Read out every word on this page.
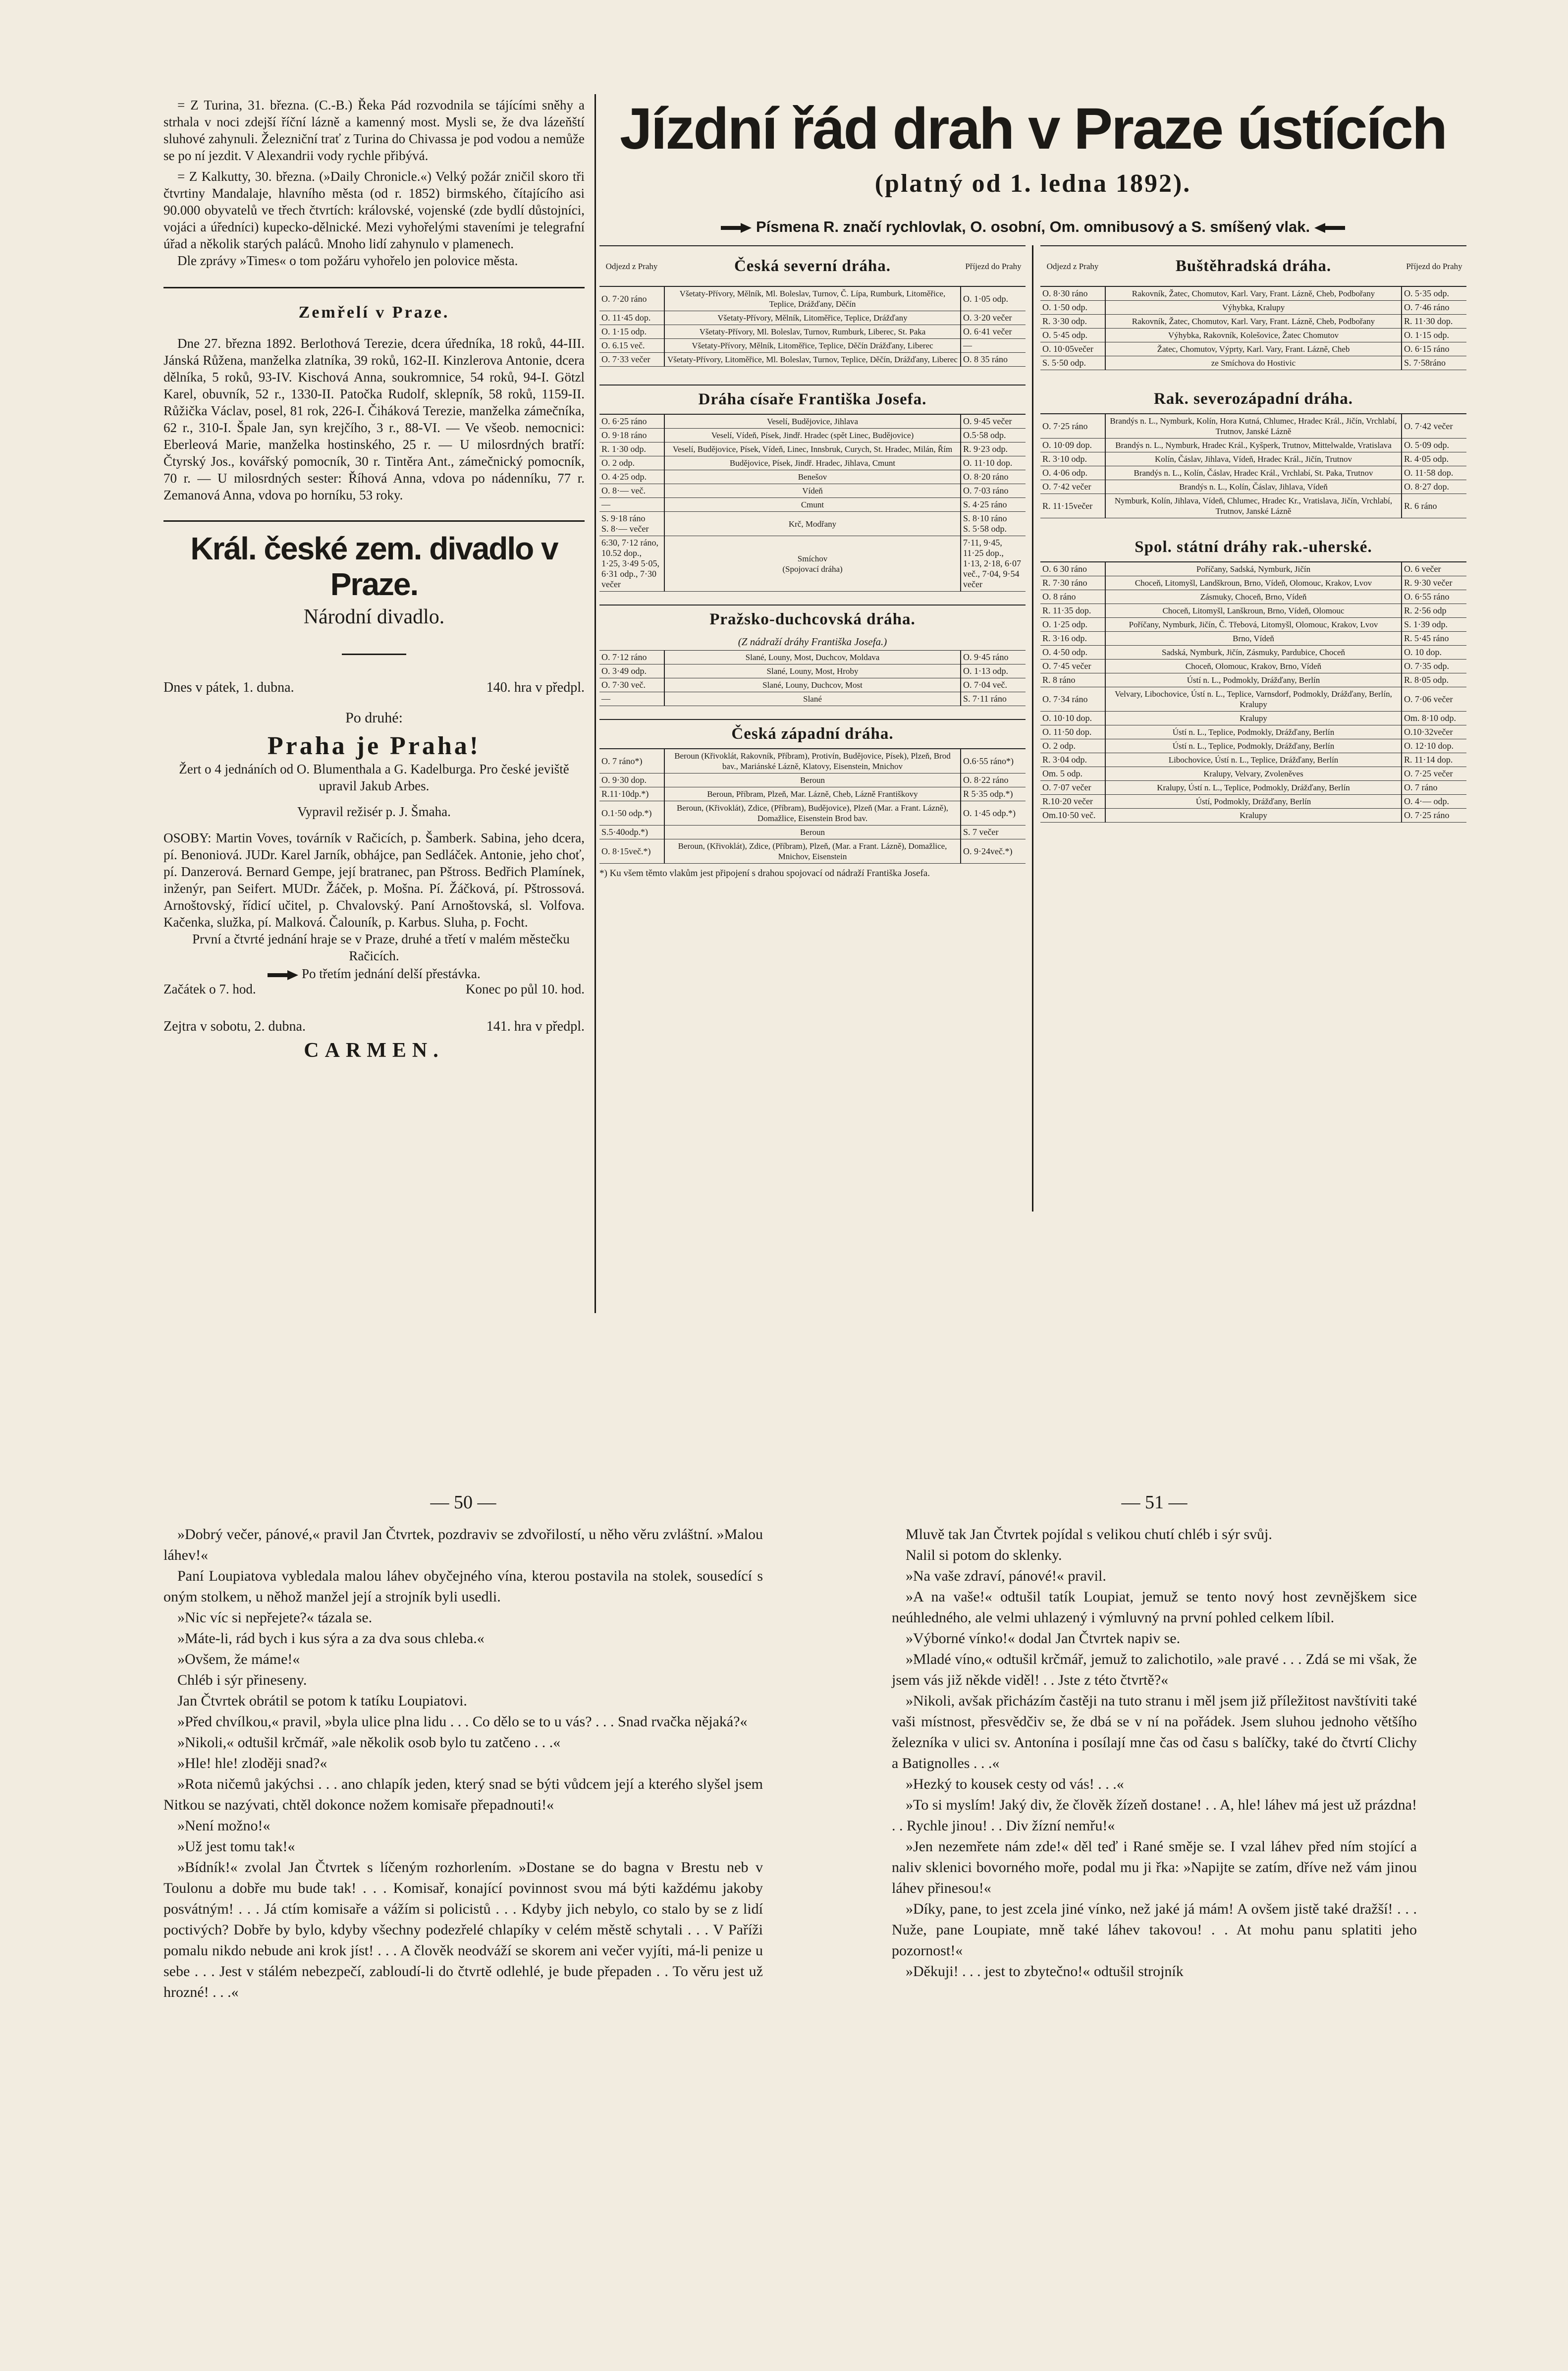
= Z Turina, 31. března. (C.-B.) Řeka Pád rozvodnila se tájícími sněhy a strhala v noci zdejší říční lázně a kamenný most. Mysli se, že dva lázeňští sluhové zahynuli. Železniční trať z Turina do Chivassa je pod vodou a nemůže se po ní jezdit. V Alexandrii vody rychle přibývá.

= Z Kalkutty, 30. března. (»Daily Chronicle.«) Velký požár zničil skoro tři čtvrtiny Mandalaje, hlavního města (od r. 1852) birmského, čítajícího asi 90.000 obyvatelů ve třech čtvrtích: královské, vojenské (zde bydlí důstojníci, vojáci a úředníci) kupecko-dělnické. Mezi vyhořelými staveními je telegrafní úřad a několik starých paláců. Mnoho lidí zahynulo v plamenech.

Dle zprávy »Times« o tom požáru vyhořelo jen polovice města.

Zemřelí v Praze.

Dne 27. března 1892. Berlothová Terezie, dcera úředníka, 18 roků, 44-III. Jánská Růžena, manželka zlatníka, 39 roků, 162-II. Kinzlerova Antonie, dcera dělníka, 5 roků, 93-IV. Kischová Anna, soukromnice, 54 roků, 94-I. Götzl Karel, obuvník, 52 r., 1330-II. Patočka Rudolf, sklepník, 58 roků, 1159-II. Růžička Václav, posel, 81 rok, 226-I. Čiháková Terezie, manželka zámečníka, 62 r., 310-I. Špale Jan, syn krejčího, 3 r., 88-VI. — Ve všeob. nemocnici: Eberleová Marie, manželka hostinského, 25 r. — U milosrdných bratří: Čtyrský Jos., kovářský pomocník, 30 r. Tintěra Ant., zámečnický pomocník, 70 r. — U milosrdných sester: Říhová Anna, vdova po nádenníku, 77 r. Zemanová Anna, vdova po horníku, 53 roky.

Král. české zem. divadlo v Praze.

Národní divadlo.

Dnes v pátek, 1. dubna.	140. hra v předpl.

Po druhé:

Praha je Praha!

Žert o 4 jednáních od O. Blumenthala a G. Kadelburga. Pro české jeviště upravil Jakub Arbes.

Vypravil režisér p. J. Šmaha.

OSOBY: Martin Voves, továrník v Račicích, p. Šamberk. Sabina, jeho dcera, pí. Benoniová. JUDr. Karel Jarník, obhájce, pan Sedláček. Antonie, jeho choť, pí. Danzerová. Bernard Gempe, její bratranec, pan Pštross. Bedřich Plamínek, inženýr, pan Seifert. MUDr. Žáček, p. Mošna. Pí. Žáčková, pí. Pštrossová. Arnoštovský, řídicí učitel, p. Chvalovský. Paní Arnoštovská, sl. Volfova. Kačenka, služka, pí. Malková. Čalouník, p. Karbus. Sluha, p. Focht.

První a čtvrté jednání hraje se v Praze, druhé a třetí v malém městečku Račicích.

Po třetím jednání delší přestávka.

Začátek o 7. hod.	Konec po půl 10. hod.
Zejtra v sobotu, 2. dubna.	141. hra v předpl.

CARMEN.

Jízdní řád drah v Praze ústících

(platný od 1. ledna 1892).

Písmena R. značí rychlovlak, O. osobní, Om. omnibusový a S. smíšený vlak.
Odjezd z Prahy	Česká severní dráha.	Příjezd do Prahy
O. 7·20 ráno	Všetaty-Přívory, Mělník, Ml. Boleslav, Turnov, Č. Lípa, Rumburk, Litoměřice, Teplice, Drážďany, Děčín	O. 1·05 odp.
O. 11·45 dop.	Všetaty-Přívory, Mělník, Litoměřice, Teplice, Drážďany	O. 3·20 večer
O. 1·15 odp.	Všetaty-Přívory, Ml. Boleslav, Turnov, Rumburk, Liberec, St. Paka	O. 6·41 večer
O. 6.15 več.	Všetaty-Přívory, Mělník, Litoměřice, Teplice, Děčín Drážďany, Liberec	—
O. 7·33 večer	Všetaty-Přívory, Litoměřice, Ml. Boleslav, Turnov, Teplice, Děčín, Drážďany, Liberec	O. 8 35 ráno
Dráha císaře Františka Josefa.
O. 6·25 ráno	Veselí, Budějovice, Jihlava	O. 9·45 večer
O. 9·18 ráno	Veselí, Vídeň, Písek, Jindř. Hradec (spět Linec, Budějovice)	O.5·58 odp.
R. 1·30 odp.	Veselí, Budějovice, Písek, Vídeň, Linec, Innsbruk, Curych, St. Hradec, Milán, Řím	R. 9·23 odp.
O. 2 odp.	Budějovice, Písek, Jindř. Hradec, Jihlava, Cmunt	O. 11·10 dop.
O. 4·25 odp.	Benešov	O. 8·20 ráno
O. 8·— več.	Vídeň	O. 7·03 ráno
—	Cmunt	S. 4·25 ráno
S. 9·18 ráno
S. 8·— večer	Krč, Modřany	S. 8·10 ráno
S. 5·58 odp.
6:30, 7·12 ráno, 10.52 dop., 1·25, 3·49 5·05, 6·31 odp., 7·30 večer	Smíchov
(Spojovací dráha)	7·11, 9·45, 11·25 dop., 1·13, 2·18, 6·07 več., 7·04, 9·54 večer
Pražsko-duchcovská dráha.
(Z nádraží dráhy Františka Josefa.)
O. 7·12 ráno	Slané, Louny, Most, Duchcov, Moldava	O. 9·45 ráno
O. 3·49 odp.	Slané, Louny, Most, Hroby	O. 1·13 odp.
O. 7·30 več.	Slané, Louny, Duchcov, Most	O. 7·04 več.
—	Slané	S. 7·11 ráno
Česká západní dráha.
O. 7 ráno*)	Beroun (Křivoklát, Rakovník, Příbram), Protivín, Budějovice, Písek), Plzeň, Brod bav., Mariánské Lázně, Klatovy, Eisenstein, Mnichov	O.6·55 ráno*)
O. 9·30 dop.	Beroun	O. 8·22 ráno
R.11·10dp.*)	Beroun, Příbram, Plzeň, Mar. Lázně, Cheb, Lázně Františkovy	R 5·35 odp.*)
O.1·50 odp.*)	Beroun, (Křivoklát), Zdice, (Příbram), Budějovice), Plzeň (Mar. a Frant. Lázně), Domažlice, Eisenstein Brod bav.	O. 1·45 odp.*)
S.5·40odp.*)	Beroun	S. 7 večer
O. 8·15več.*)	Beroun, (Křivoklát), Zdice, (Příbram), Plzeň, (Mar. a Frant. Lázně), Domažlice, Mnichov, Eisenstein	O. 9·24več.*)

*) Ku všem těmto vlakům jest připojení s drahou spojovací od nádraží Františka Josefa.

Odjezd z Prahy	Buštěhradská dráha.	Příjezd do Prahy
O. 8·30 ráno	Rakovník, Žatec, Chomutov, Karl. Vary, Frant. Lázně, Cheb, Podbořany	O. 5·35 odp.
O. 1·50 odp.	Výhybka, Kralupy	O. 7·46 ráno
R. 3·30 odp.	Rakovník, Žatec, Chomutov, Karl. Vary, Frant. Lázně, Cheb, Podbořany	R. 11·30 dop.
O. 5·45 odp.	Výhybka, Rakovník, Kolešovice, Žatec Chomutov	O. 1·15 odp.
O. 10·05večer	Žatec, Chomutov, Výprty, Karl. Vary, Frant. Lázně, Cheb	O. 6·15 ráno
S. 5·50 odp.	ze Smíchova do Hostivic	S. 7·58ráno
Rak. severozápadní dráha.
O. 7·25 ráno	Brandýs n. L., Nymburk, Kolín, Hora Kutná, Chlumec, Hradec Král., Jičín, Vrchlabí, Trutnov, Janské Lázně	O. 7·42 večer
O. 10·09 dop.	Brandýs n. L., Nymburk, Hradec Král., Kyšperk, Trutnov, Mittelwalde, Vratislava	O. 5·09 odp.
R. 3·10 odp.	Kolín, Čáslav, Jihlava, Vídeň, Hradec Král., Jičín, Trutnov	R. 4·05 odp.
O. 4·06 odp.	Brandýs n. L., Kolín, Čáslav, Hradec Král., Vrchlabí, St. Paka, Trutnov	O. 11·58 dop.
O. 7·42 večer	Brandýs n. L., Kolín, Čáslav, Jihlava, Vídeň	O. 8·27 dop.
R. 11·15večer	Nymburk, Kolín, Jihlava, Vídeň, Chlumec, Hradec Kr., Vratislava, Jičín, Vrchlabí, Trutnov, Janské Lázně	R. 6 ráno
Spol. státní dráhy rak.-uherské.
O. 6 30 ráno	Poříčany, Sadská, Nymburk, Jičín	O. 6 večer
R. 7·30 ráno	Choceň, Litomyšl, Landškroun, Brno, Vídeň, Olomouc, Krakov, Lvov	R. 9·30 večer
O. 8 ráno	Zásmuky, Choceň, Brno, Vídeň	O. 6·55 ráno
R. 11·35 dop.	Choceň, Litomyšl, Lanškroun, Brno, Vídeň, Olomouc	R. 2·56 odp
O. 1·25 odp.	Poříčany, Nymburk, Jičín, Č. Třebová, Litomyšl, Olomouc, Krakov, Lvov	S. 1·39 odp.
R. 3·16 odp.	Brno, Vídeň	R. 5·45 ráno
O. 4·50 odp.	Sadská, Nymburk, Jičín, Zásmuky, Pardubice, Choceň	O. 10 dop.
O. 7·45 večer	Choceň, Olomouc, Krakov, Brno, Vídeň	O. 7·35 odp.
R. 8 ráno	Ústí n. L., Podmokly, Drážďany, Berlín	R. 8·05 odp.
O. 7·34 ráno	Velvary, Libochovice, Ústí n. L., Teplice, Varnsdorf, Podmokly, Drážďany, Berlín, Kralupy	O. 7·06 večer
O. 10·10 dop.	Kralupy	Om. 8·10 odp.
O. 11·50 dop.	Ústí n. L., Teplice, Podmokly, Drážďany, Berlín	O.10·32večer
O. 2 odp.	Ústí n. L., Teplice, Podmokly, Drážďany, Berlín	O. 12·10 dop.
R. 3·04 odp.	Libochovice, Ústí n. L., Teplice, Drážďany, Berlín	R. 11·14 dop.
Om. 5 odp.	Kralupy, Velvary, Zvoleněves	O. 7·25 večer
O. 7·07 večer	Kralupy, Ústí n. L., Teplice, Podmokly, Drážďany, Berlín	O. 7 ráno
R.10·20 večer	Ústí, Podmokly, Drážďany, Berlín	O. 4·— odp.
Om.10·50 več.	Kralupy	O. 7·25 ráno

— 50 —

»Dobrý večer, pánové,« pravil Jan Čtvrtek, pozdraviv se zdvořilostí, u něho věru zvláštní. »Malou láhev!«

Paní Loupiatova vybledala malou láhev obyčejného vína, kterou postavila na stolek, sousedící s oným stolkem, u něhož manžel její a strojník byli usedli.

»Nic víc si nepřejete?« tázala se.

»Máte-li, rád bych i kus sýra a za dva sous chleba.«

»Ovšem, že máme!«

Chléb i sýr přineseny.

Jan Čtvrtek obrátil se potom k tatíku Loupiatovi.

»Před chvílkou,« pravil, »byla ulice plna lidu . . . Co dělo se to u vás? . . . Snad rvačka nějaká?«

»Nikoli,« odtušil krčmář, »ale několik osob bylo tu zatčeno . . .«

»Hle! hle! zloději snad?«

»Rota ničemů jakýchsi . . . ano chlapík jeden, který snad se býti vůdcem její a kterého slyšel jsem Nitkou se nazývati, chtěl dokonce nožem komisaře přepadnouti!«

»Není možno!«

»Už jest tomu tak!«

»Bídník!« zvolal Jan Čtvrtek s líčeným rozhorlením. »Dostane se do bagna v Brestu neb v Toulonu a dobře mu bude tak! . . . Komisař, konající povinnost svou má býti každému jakoby posvátným! . . . Já ctím komisaře a vážím si policistů . . . Kdyby jich nebylo, co stalo by se z lidí poctivých? Dobře by bylo, kdyby všechny podezřelé chlapíky v celém městě schytali . . . V Paříži pomalu nikdo nebude ani krok jíst! . . . A člověk neodváží se skorem ani večer vyjíti, má-li penize u sebe . . . Jest v stálém nebezpečí, zabloudí-li do čtvrtě odlehlé, je bude přepaden . . To věru jest už hrozné! . . .«

— 51 —

Mluvě tak Jan Čtvrtek pojídal s velikou chutí chléb i sýr svůj.

Nalil si potom do sklenky.

»Na vaše zdraví, pánové!« pravil.

»A na vaše!« odtušil tatík Loupiat, jemuž se tento nový host zevnějškem sice neúhledného, ale velmi uhlazený i výmluvný na první pohled celkem líbil.

»Výborné vínko!« dodal Jan Čtvrtek napiv se.

»Mladé víno,« odtušil krčmář, jemuž to zalichotilo, »ale pravé . . . Zdá se mi však, že jsem vás již někde viděl! . . Jste z této čtvrtě?«

»Nikoli, avšak přicházím častěji na tuto stranu i měl jsem již příležitost navštíviti také vaši místnost, přesvědčiv se, že dbá se v ní na pořádek. Jsem sluhou jednoho většího železníka v ulici sv. Antonína i posílají mne čas od času s balíčky, také do čtvrtí Clichy a Batignolles . . .«

»Hezký to kousek cesty od vás! . . .«

»To si myslím! Jaký div, že člověk žízeň dostane! . . A, hle! láhev má jest už prázdna! . . Rychle jinou! . . Div žízní nemřu!«

»Jen nezemřete nám zde!« děl teď i Rané směje se. I vzal láhev před ním stojící a naliv sklenici bovorného moře, podal mu ji řka: »Napijte se zatím, dříve než vám jinou láhev přinesou!«

»Díky, pane, to jest zcela jiné vínko, než jaké já mám! A ovšem jistě také dražší! . . . Nuže, pane Loupiate, mně také láhev takovou! . . At mohu panu splatiti jeho pozornost!«

»Děkuji! . . . jest to zbytečno!« odtušil strojník
